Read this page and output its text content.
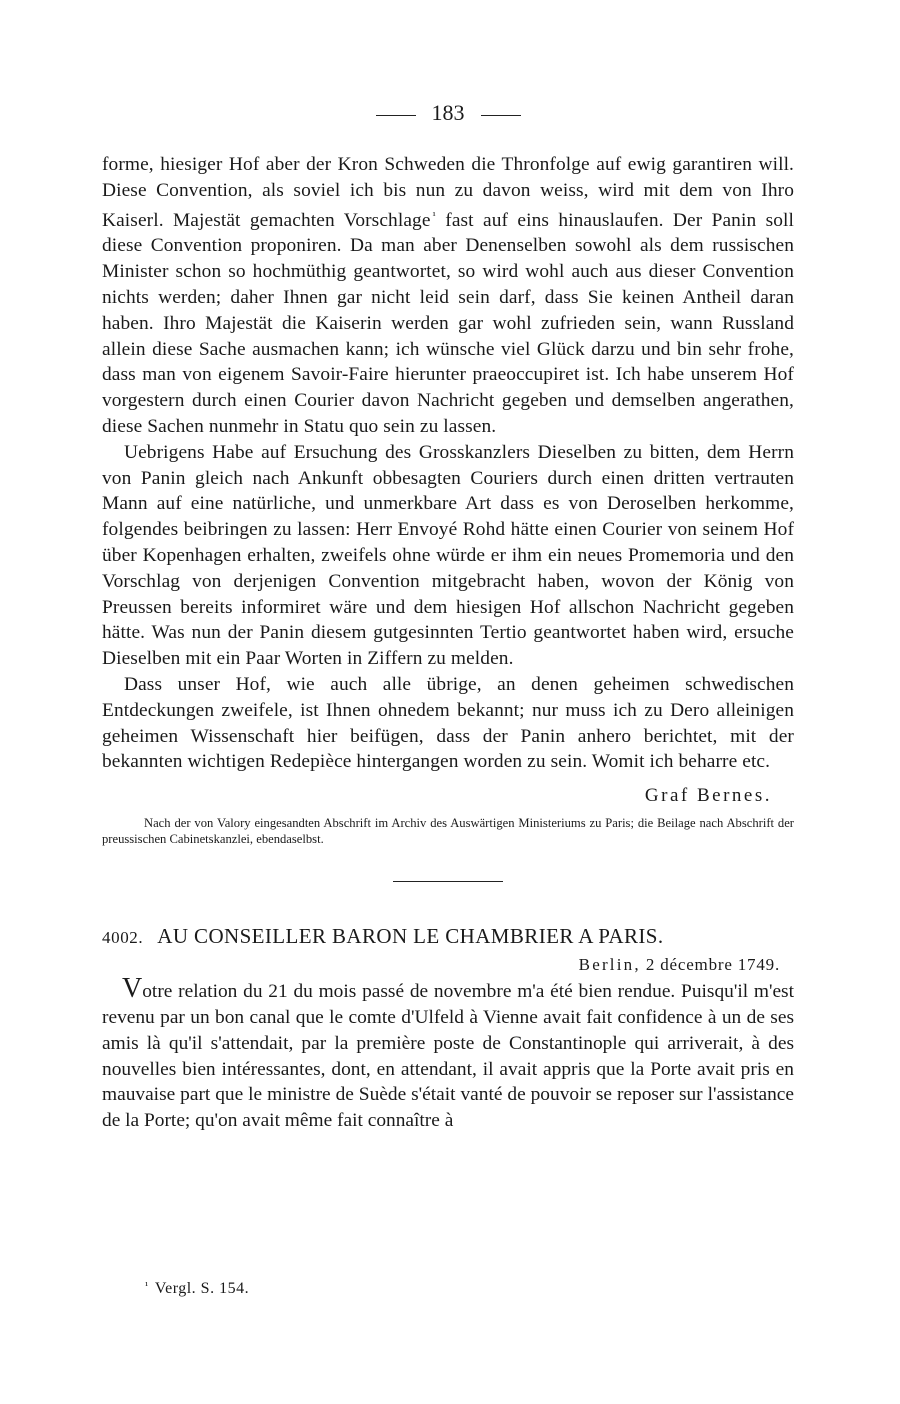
183

forme, hiesiger Hof aber der Kron Schweden die Thronfolge auf ewig garantiren will. Diese Convention, als soviel ich bis nun zu davon weiss, wird mit dem von Ihro Kaiserl. Majestät gemachten Vorschlage $^{^1}$ fast auf eins hinauslaufen. Der Panin soll diese Convention proponiren. Da man aber Denenselben sowohl als dem russischen Minister schon so hochmüthig geantwortet, so wird wohl auch aus dieser Convention nichts werden; daher Ihnen gar nicht leid sein darf, dass Sie keinen Antheil daran haben. Ihro Majestät die Kaiserin werden gar wohl zufrieden sein, wann Russland allein diese Sache ausmachen kann; ich wünsche viel Glück darzu und bin sehr frohe, dass man von eigenem Savoir-Faire hierunter praeoccupiret ist. Ich habe unserem Hof vorgestern durch einen Courier davon Nachricht gegeben und demselben angerathen, diese Sachen nunmehr in Statu quo sein zu lassen.

Uebrigens Habe auf Ersuchung des Grosskanzlers Dieselben zu bitten, dem Herrn von Panin gleich nach Ankunft obbesagten Couriers durch einen dritten vertrauten Mann auf eine natürliche, und unmerkbare Art dass es von Deroselben herkomme, folgendes beibringen zu lassen: Herr Envoyé Rohd hätte einen Courier von seinem Hof über Kopenhagen erhalten, zweifels ohne würde er ihm ein neues Promemoria und den Vorschlag von derjenigen Convention mitgebracht haben, wovon der König von Preussen bereits informiret wäre und dem hiesigen Hof allschon Nachricht gegeben hätte. Was nun der Panin diesem gutgesinnten Tertio geantwortet haben wird, ersuche Dieselben mit ein Paar Worten in Ziffern zu melden.

Dass unser Hof, wie auch alle übrige, an denen geheimen schwedischen Entdeckungen zweifele, ist Ihnen ohnedem bekannt; nur muss ich zu Dero alleinigen geheimen Wissenschaft hier beifügen, dass der Panin anhero berichtet, mit der bekannten wichtigen Redepièce hintergangen worden zu sein. Womit ich beharre etc.

Graf Bernes.
Nach der von Valory eingesandten Abschrift im Archiv des Auswärtigen Ministeriums zu Paris; die Beilage nach Abschrift der preussischen Cabinetskanzlei, ebendaselbst.
4002. AU CONSEILLER BARON LE CHAMBRIER A PARIS.
Berlin, 2 décembre 1749.

Votre relation du 21 du mois passé de novembre m'a été bien rendue. Puisqu'il m'est revenu par un bon canal que le comte d'Ulfeld à Vienne avait fait confidence à un de ses amis là qu'il s'attendait, par la première poste de Constantinople qui arriverait, à des nouvelles bien intéressantes, dont, en attendant, il avait appris que la Porte avait pris en mauvaise part que le ministre de Suède s'était vanté de pouvoir se reposer sur l'assistance de la Porte; qu'on avait même fait connaître à

$^{^1}$ Vergl. S. 154.
